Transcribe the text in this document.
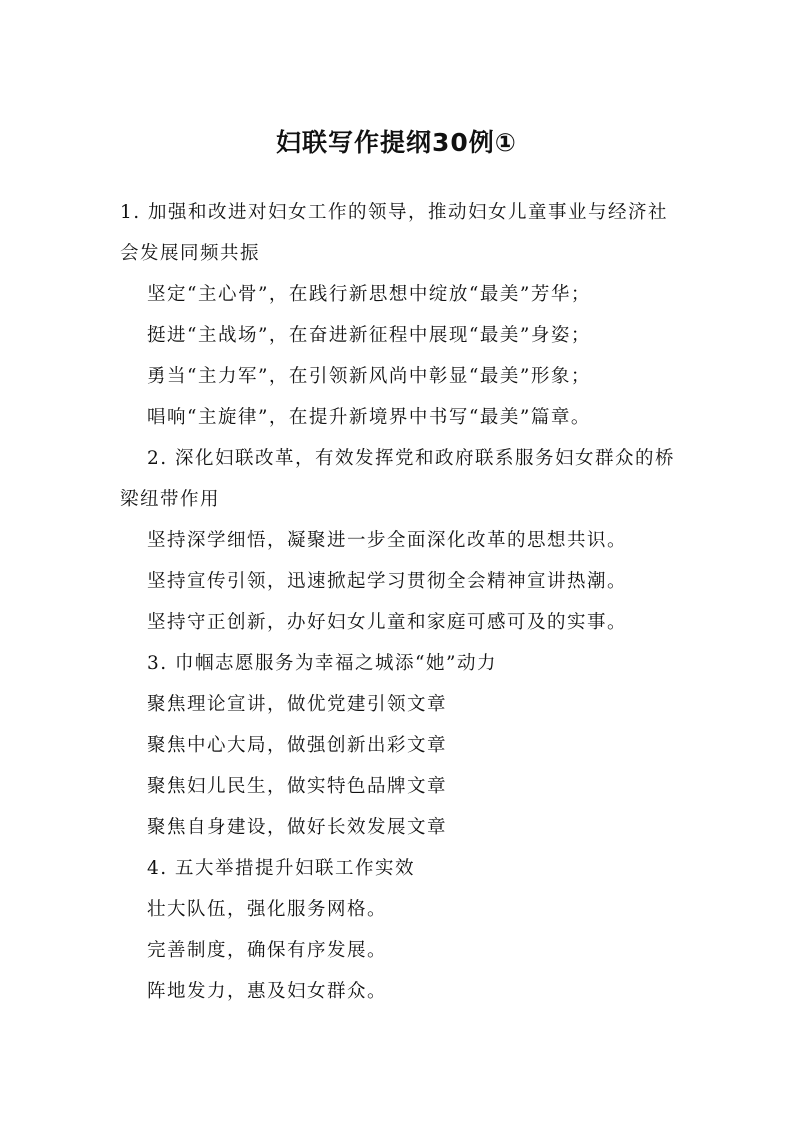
妇联写作提纲30例①

1. 加强和改进对妇女工作的领导，推动妇女儿童事业与经济社会发展同频共振

坚定“主心骨”，在践行新思想中绽放“最美”芳华；

挺进“主战场”，在奋进新征程中展现“最美”身姿；

勇当“主力军”，在引领新风尚中彰显“最美”形象；

唱响“主旋律”，在提升新境界中书写“最美”篇章。

2. 深化妇联改革，有效发挥党和政府联系服务妇女群众的桥梁纽带作用

坚持深学细悟，凝聚进一步全面深化改革的思想共识。

坚持宣传引领，迅速掀起学习贯彻全会精神宣讲热潮。

坚持守正创新，办好妇女儿童和家庭可感可及的实事。

3. 巾帼志愿服务为幸福之城添“她”动力

聚焦理论宣讲，做优党建引领文章

聚焦中心大局，做强创新出彩文章

聚焦妇儿民生，做实特色品牌文章

聚焦自身建设，做好长效发展文章

4. 五大举措提升妇联工作实效

壮大队伍，强化服务网格。

完善制度，确保有序发展。

阵地发力，惠及妇女群众。
